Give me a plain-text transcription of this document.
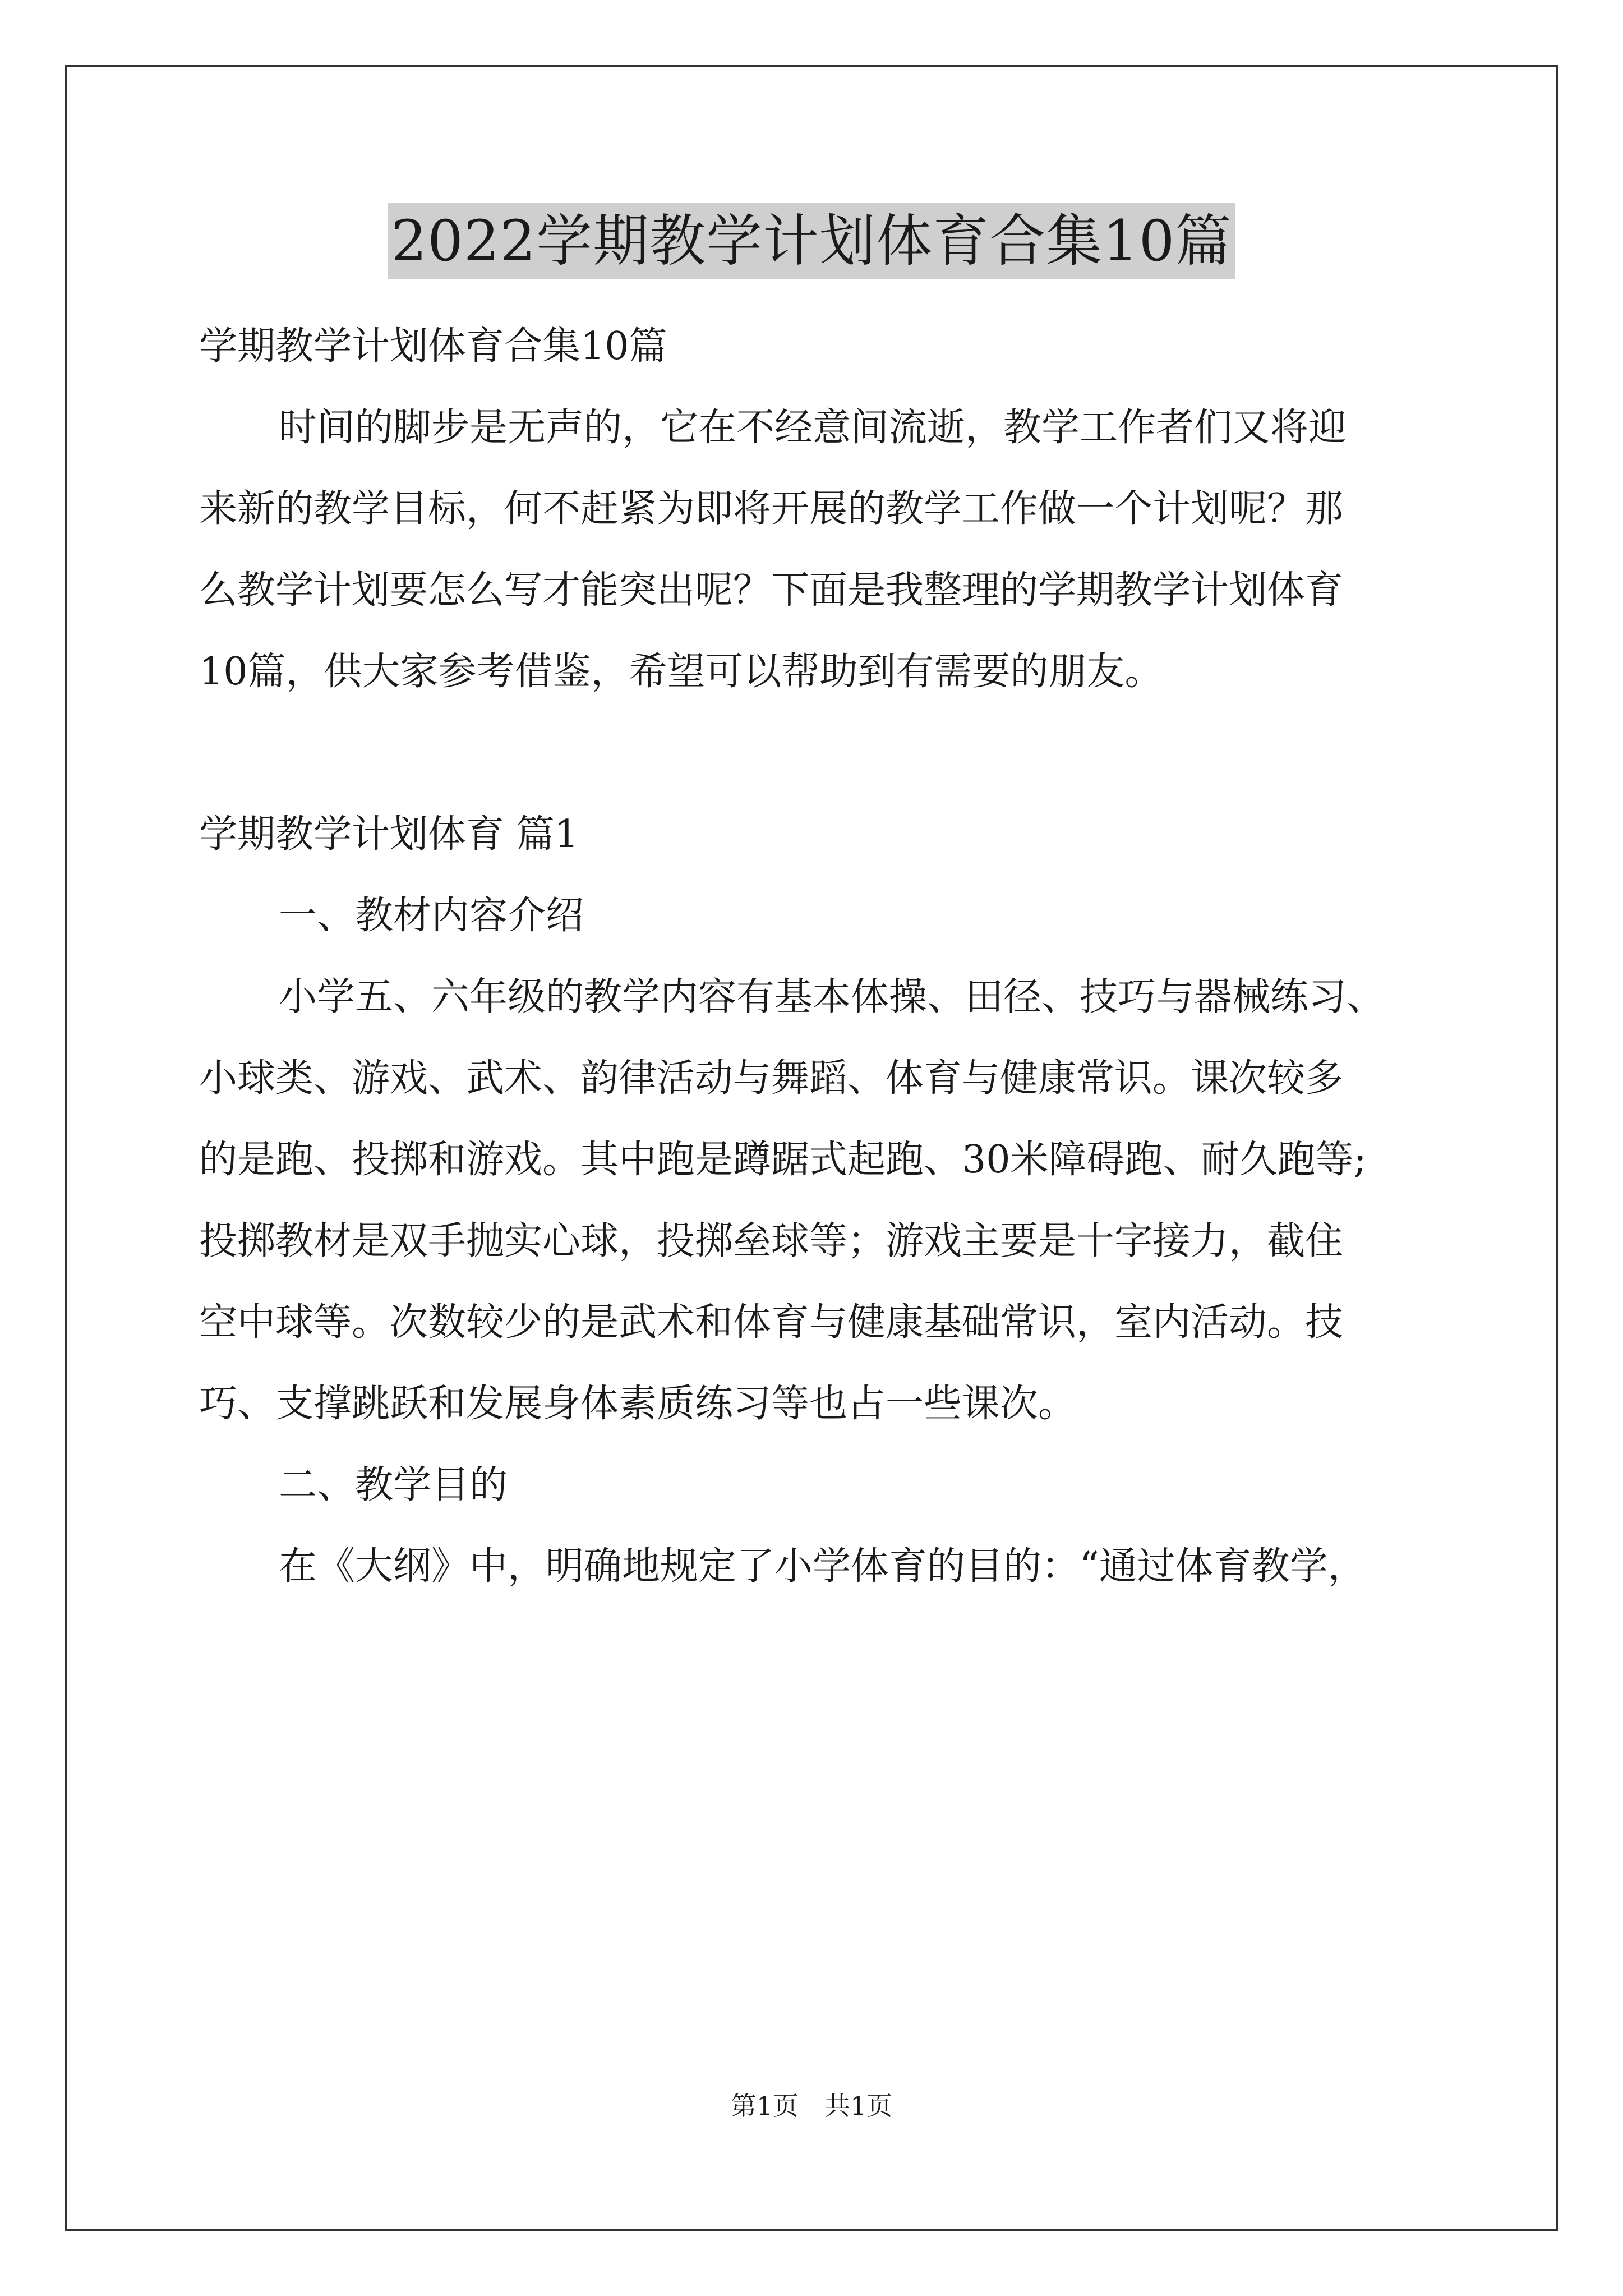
2022学期教学计划体育合集10篇
学期教学计划体育合集10篇
时间的脚步是无声的，它在不经意间流逝，教学工作者们又将迎
来新的教学目标，何不赶紧为即将开展的教学工作做一个计划呢？那
么教学计划要怎么写才能突出呢？下面是我整理的学期教学计划体育
10篇，供大家参考借鉴，希望可以帮助到有需要的朋友。
学期教学计划体育 篇1
一、教材内容介绍
小学五、六年级的教学内容有基本体操、田径、技巧与器械练习、
小球类、游戏、武术、韵律活动与舞蹈、体育与健康常识。课次较多
的是跑、投掷和游戏。其中跑是蹲踞式起跑、30米障碍跑、耐久跑等;
投掷教材是双手抛实心球，投掷垒球等；游戏主要是十字接力，截住
空中球等。次数较少的是武术和体育与健康基础常识，室内活动。技
巧、支撑跳跃和发展身体素质练习等也占一些课次。
二、教学目的
在《大纲》中，明确地规定了小学体育的目的：“通过体育教学，
第1页　共1页
